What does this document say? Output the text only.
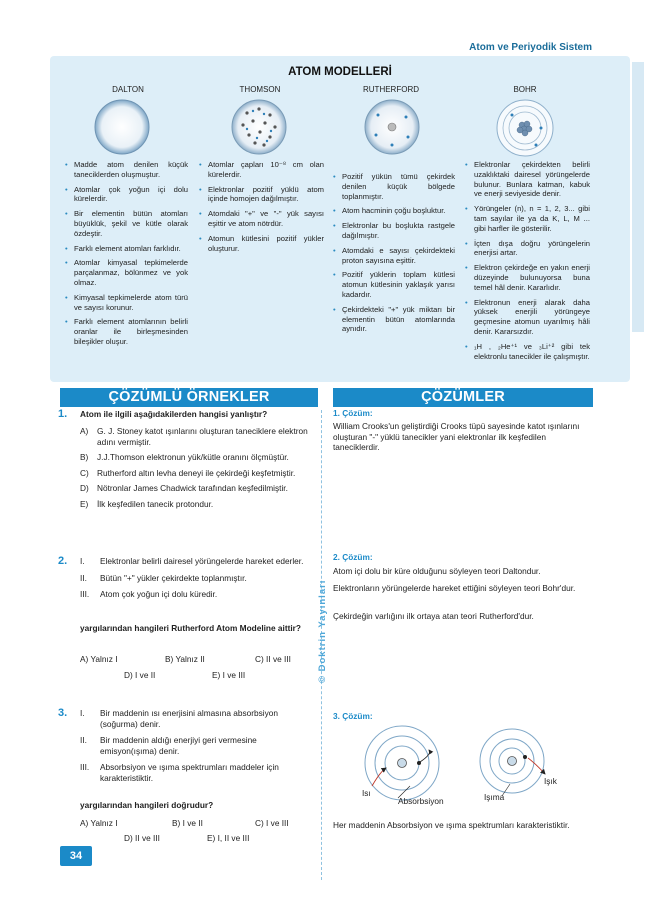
Atom ve Periyodik Sistem
ATOM MODELLERİ
DALTON	THOMSON	RUTHERFORD	BOHR
• Madde atom denilen küçük taneciklerden oluşmuştur.
• Atomlar çok yoğun içi dolu kürelerdir.
• Bir elementin bütün atomları büyüklük, şekil ve kütle olarak özdeştir.
• Farklı element atomları farklıdır.
• Atomlar kimyasal tepkimelerde parçalanmaz, bölünmez ve yok olmaz.
• Kimyasal tepkimelerde atom türü ve sayısı korunur.
• Farklı element atomlarının belirli oranlar ile birleşmesinden bileşikler oluşur.
• Atomlar çapları 10⁻⁸ cm olan kürelerdir.
• Elektronlar pozitif yüklü atom içinde homojen dağılmıştır.
• Atomdaki "+" ve "-" yük sayısı eşittir ve atom nötrdür.
• Atomun kütlesini pozitif yükler oluşturur.
• Pozitif yükün tümü çekirdek denilen küçük bölgede toplanmıştır.
• Atom hacminin çoğu boşluktur.
• Elektronlar bu boşlukta rastgele dağılmıştır.
• Atomdaki e sayısı çekirdekteki proton sayısına eşittir.
• Pozitif yüklerin toplam kütlesi atomun kütlesinin yaklaşık yarısı kadardır.
• Çekirdekteki "+" yük miktarı bir elementin bütün atomlarında aynıdır.
• Elektronlar çekirdekten belirli uzaklıktaki dairesel yörüngelerde bulunur. Bunlara katman, kabuk ve enerji seviyeside denir.
• Yörüngeler (n), n = 1, 2, 3... gibi tam sayılar ile ya da K, L, M ... gibi harfler ile gösterilir.
• İçten dışa doğru yörüngelerin enerjisi artar.
• Elektron çekirdeğe en yakın enerji düzeyinde bulunuyorsa buna temel hâl denir. Kararlıdır.
• Elektronun enerji alarak daha yüksek enerjili yörüngeye geçmesine atomun uyarılmış hâli denir. Kararsızdır.
• ₁H , ₂He⁺¹ ve ₃Li⁺² gibi tek elektronlu tanecikler ile çalışmıştır.
ÇÖZÜMLÜ ÖRNEKLER	ÇÖZÜMLER
© Doktrin Yayınları
1. Atom ile ilgili aşağıdakilerden hangisi yanlıştır?
A)	G. J. Stoney katot ışınlarını oluşturan taneciklere elektron adını vermiştir.
B)	J.J.Thomson elektronun yük/kütle oranını ölçmüştür.
C) Rutherford altın levha deneyi ile çekirdeği keşfetmiştir.
D) Nötronlar James Chadwick tarafından keşfedilmiştir.
E)	İlk keşfedilen tanecik protondur.
2. I.	Elektronlar belirli dairesel yörüngelerde hareket ederler.
II.	Bütün "+" yükler çekirdekte toplanmıştır.
III.	Atom çok yoğun içi dolu küredir.
yargılarından hangileri Rutherford Atom Modeline aittir?
A) Yalnız I	B) Yalnız II	C) II ve III
D) I ve II	E) I ve III
3. I.	Bir maddenin ısı enerjisini almasına absorbsiyon (soğurma) denir.
II.	Bir maddenin aldığı enerjiyi geri vermesine emisyon(ışıma) denir.
III.	Absorbsiyon ve ışıma spektrumları maddeler için karakteristiktir.
yargılarından hangileri doğrudur?
A) Yalnız I	B) I ve II	C) I ve III
D) II ve III	E) I, II ve III
1. Çözüm:
William Crooks'un geliştirdiği Crooks tüpü sayesinde katot ışınlarını oluşturan "-" yüklü tanecikler yani elektronlar ilk keşfedilen taneciklerdir.
2. Çözüm:
Atom içi dolu bir küre olduğunu söyleyen teori Daltondur.
Elektronların yörüngelerde hareket ettiğini söyleyen teori Bohr'dur.
Çekirdeğin varlığını ilk ortaya atan teori Rutherford'dur.
3. Çözüm:
Isı
Absorbsiyon
Işık
Işıma
Her maddenin Absorbsiyon ve ışıma spektrumları karakteristiktir.
34
